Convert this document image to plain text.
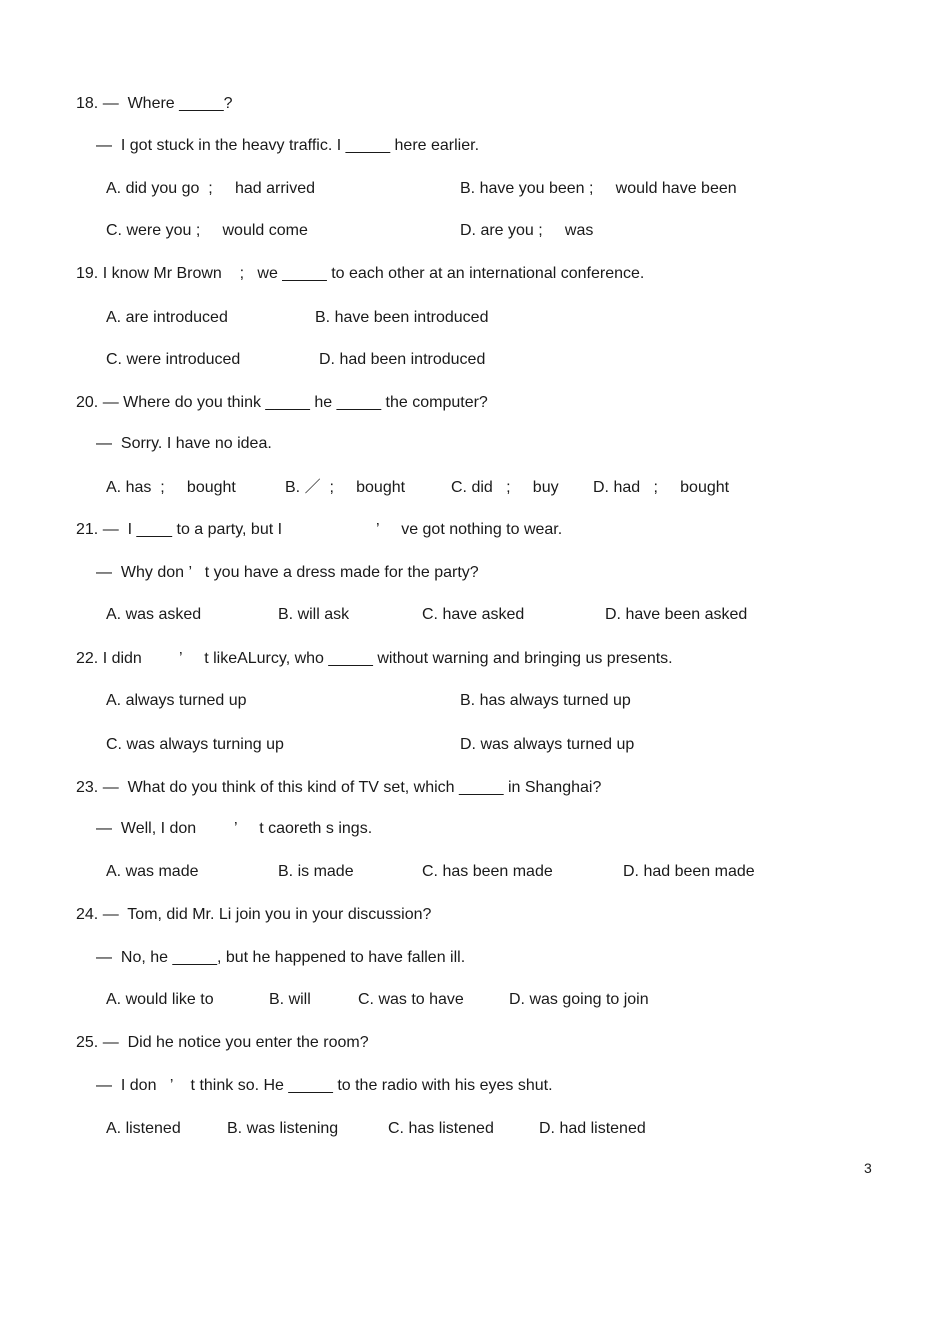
18. —  Where _____?
—  I got stuck in the heavy traffic. I _____ here earlier.
A. did you go  ;     had arrived	B. have you been ;     would have been
C. were you ;     would come	D. are you ;     was
19. I know Mr Brown    ;   we _____ to each other at an international conference.
A. are introduced	B. have been introduced
C. were introduced	D. had been introduced
20. — Where do you think _____ he _____ the computer?
—  Sorry. I have no idea.
A. has  ;     bought	B. ／  ;     bought	C. did   ;     buy D. had   ;     bought
21. —  I ____ to a party, but I	’     ve got nothing to wear.
—  Why don ’   t you have a dress made for the party?
A. was asked	B. will ask	C. have asked	D. have been asked
22. I didn ’     t likeALurcy, who _____ without warning and bringing us presents.
A. always turned up	B. has always turned up
C. was always turning up	D. was always turned up
23. —  What do you think of this kind of TV set, which _____ in Shanghai?
—  Well, I don ’     t caoreth s ings.
A. was made	B. is made	C. has been made	D. had been made
24. —  Tom, did Mr. Li join you in your discussion?
—  No, he _____, but he happened to have fallen ill.
A. would like to	B. will	C. was to have	D. was going to join
25. —  Did he notice you enter the room?
—  I don   ’    t think so. He _____ to the radio with his eyes shut.
A. listened	B. was listening	C. has listened	D. had listened
3
